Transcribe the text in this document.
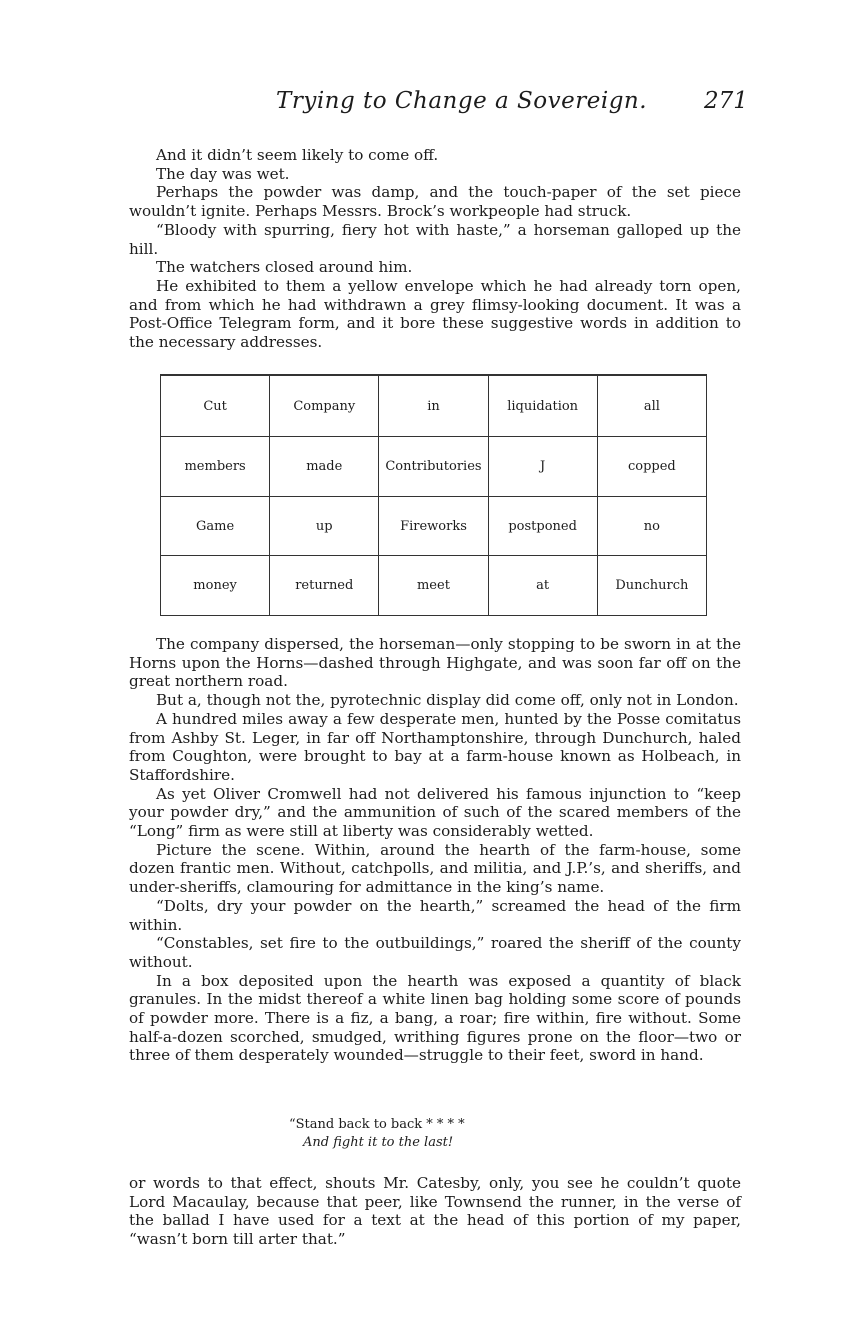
Trying to Change a Sovereign. 271

And it didn’t seem likely to come off.

The day was wet.

Perhaps the powder was damp, and the touch-paper of the set piece wouldn’t ignite. Perhaps Messrs. Brock’s workpeople had struck.

“Bloody with spurring, fiery hot with haste,” a horseman galloped up the hill.

The watchers closed around him.

He exhibited to them a yellow envelope which he had already torn open, and from which he had withdrawn a grey flimsy-looking document. It was a Post-Office Telegram form, and it bore these suggestive words in addition to the necessary addresses.

Cut	Company	in	liquidation	all
members	made	Contributories	J	copped
Game	up	Fireworks	postponed	no
money	returned	meet	at	Dunchurch

The company dispersed, the horseman—only stopping to be sworn in at the Horns upon the Horns—dashed through Highgate, and was soon far off on the great northern road.

But a, though not the, pyrotechnic display did come off, only not in London.

A hundred miles away a few desperate men, hunted by the Posse comitatus from Ashby St. Leger, in far off Northamptonshire, through Dunchurch, haled from Coughton, were brought to bay at a farm-house known as Holbeach, in Staffordshire.

As yet Oliver Cromwell had not delivered his famous injunction to “keep your powder dry,” and the ammunition of such of the scared members of the “Long” firm as were still at liberty was considerably wetted.

Picture the scene. Within, around the hearth of the farm-house, some dozen frantic men. Without, catchpolls, and militia, and J.P.’s, and sheriffs, and under-sheriffs, clamouring for admittance in the king’s name.

“Dolts, dry your powder on the hearth,” screamed the head of the firm within.

“Constables, set fire to the outbuildings,” roared the sheriff of the county without.

In a box deposited upon the hearth was exposed a quantity of black granules. In the midst thereof a white linen bag holding some score of pounds of powder more. There is a fiz, a bang, a roar; fire within, fire without. Some half-a-dozen scorched, smudged, writhing figures prone on the floor—two or three of them desperately wounded—struggle to their feet, sword in hand.

“Stand back to back * * * *
And fight it to the last!

or words to that effect, shouts Mr. Catesby, only, you see he couldn’t quote Lord Macaulay, because that peer, like Townsend the runner, in the verse of the ballad I have used for a text at the head of this portion of my paper, “wasn’t born till arter that.”
